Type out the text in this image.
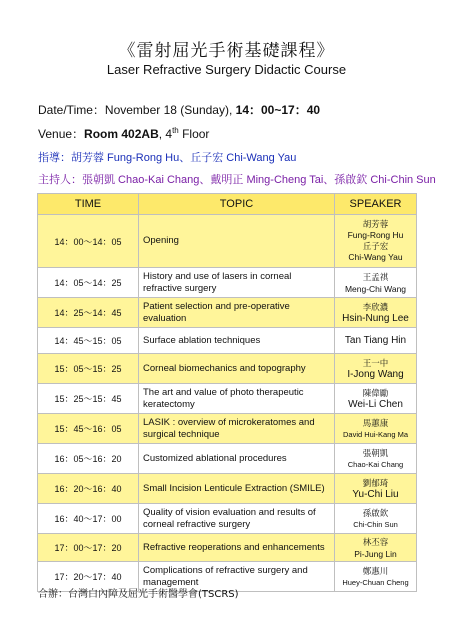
《雷射屈光手術基礎課程》
Laser Refractive Surgery Didactic Course
Date/Time：November 18 (Sunday), 14：00~17：40
Venue：Room 402AB, 4th Floor
指導：胡芳蓉 Fung-Rong Hu、丘子宏 Chi-Wang Yau
主持人：張朝凱 Chao-Kai Chang、戴明正 Ming-Cheng Tai、孫啟欽 Chi-Chin Sun
TIME	TOPIC	SPEAKER
14：00～14：05	Opening	胡芳蓉
Fung-Rong Hu
丘子宏
Chi-Wang Yau
14：05～14：25	History and use of lasers in corneal refractive surgery	王孟祺
Meng-Chi Wang

14：25～14：45	Patient selection and pre-operative evaluation	李欣濃
Hsin-Nung Lee

14：45～15：05	Surface ablation techniques	Tan Tiang Hin

15：05～15：25	Corneal biomechanics and topography	王一中
I-Jong Wang

15：25～15：45	The art and value of photo therapeutic keratectomy	陳偉勵
Wei-Li Chen

15：45～16：05	LASIK : overview of microkeratomes and surgical technique	馬蕙康
David Hui-Kang Ma

16：05～16：20	Customized ablational procedures	張朝凱
Chao-Kai Chang

16：20～16：40	Small Incision Lenticule Extraction (SMILE)	劉郁琦
Yu-Chi Liu

16：40～17：00	Quality of vision evaluation and results of corneal refractive surgery	孫啟欽
Chi-Chin Sun

17：00～17：20	Refractive reoperations and enhancements	林丕容
Pi-Jung Lin

17：20～17：40	Complications of refractive surgery and management	鄭惠川
Huey-Chuan Cheng
合辦：台灣白內障及屈光手術醫學會(TSCRS)
